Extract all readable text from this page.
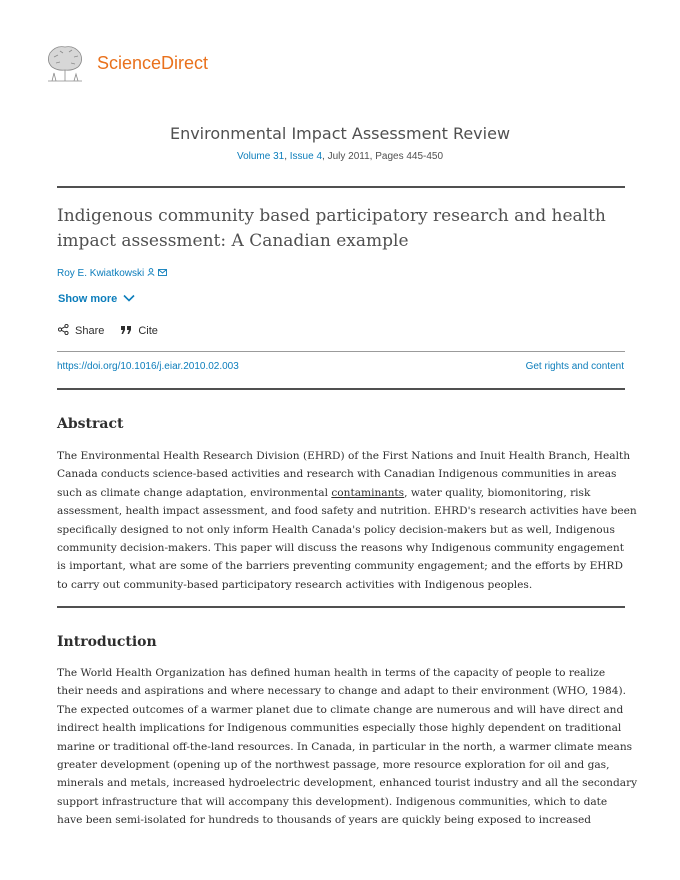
ScienceDirect
Environmental Impact Assessment Review
Volume 31, Issue 4, July 2011, Pages 445-450
Indigenous community based participatory research and health impact assessment: A Canadian example
Roy E. Kwiatkowski
Show more
Share	Cite
https://doi.org/10.1016/j.eiar.2010.02.003	Get rights and content
Abstract
The Environmental Health Research Division (EHRD) of the First Nations and Inuit Health Branch, Health
Canada conducts science-based activities and research with Canadian Indigenous communities in areas
such as climate change adaptation, environmental contaminants, water quality, biomonitoring, risk
assessment, health impact assessment, and food safety and nutrition. EHRD's research activities have been
specifically designed to not only inform Health Canada's policy decision-makers but as well, Indigenous
community decision-makers. This paper will discuss the reasons why Indigenous community engagement
is important, what are some of the barriers preventing community engagement; and the efforts by EHRD
to carry out community-based participatory research activities with Indigenous peoples.
Introduction
The World Health Organization has defined human health in terms of the capacity of people to realize
their needs and aspirations and where necessary to change and adapt to their environment (WHO, 1984).
The expected outcomes of a warmer planet due to climate change are numerous and will have direct and
indirect health implications for Indigenous communities especially those highly dependent on traditional
marine or traditional off-the-land resources. In Canada, in particular in the north, a warmer climate means
greater development (opening up of the northwest passage, more resource exploration for oil and gas,
minerals and metals, increased hydroelectric development, enhanced tourist industry and all the secondary
support infrastructure that will accompany this development). Indigenous communities, which to date
have been semi-isolated for hundreds to thousands of years are quickly being exposed to increased
